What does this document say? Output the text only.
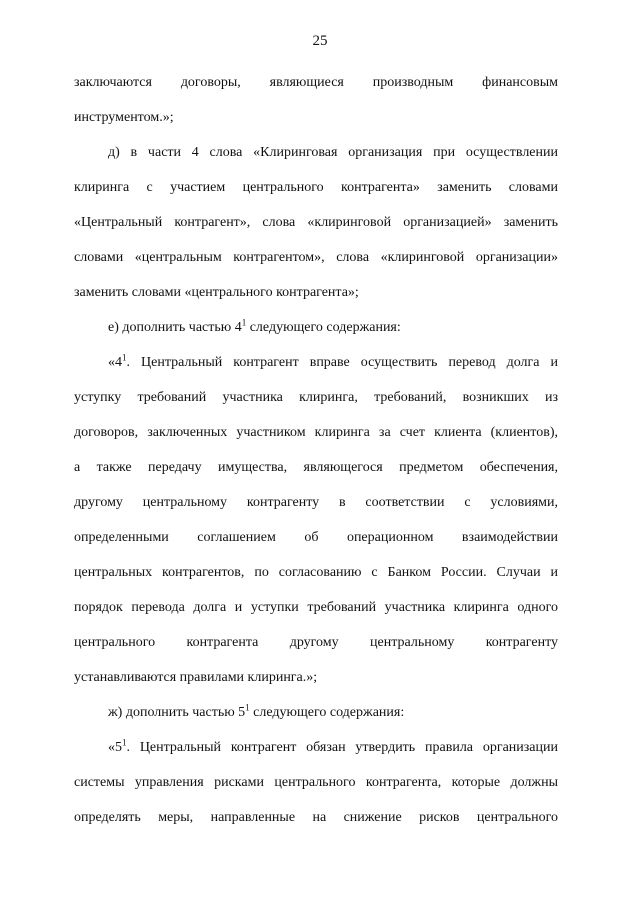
25

заключаются договоры, являющиеся производным финансовым

инструментом.»;

д) в части 4 слова «Клиринговая организация при осуществлении

клиринга с участием центрального контрагента» заменить словами

«Центральный контрагент», слова «клиринговой организацией» заменить

словами «центральным контрагентом», слова «клиринговой организации»

заменить словами «центрального контрагента»;

е) дополнить частью $4^1$ следующего содержания:

«$4^1$. Центральный контрагент вправе осуществить перевод долга и

уступку требований участника клиринга, требований, возникших из

договоров, заключенных участником клиринга за счет клиента (клиентов),

а также передачу имущества, являющегося предметом обеспечения,

другому центральному контрагенту в соответствии с условиями,

определенными соглашением об операционном взаимодействии

центральных контрагентов, по согласованию с Банком России. Случаи и

порядок перевода долга и уступки требований участника клиринга одного

центрального контрагента другому центральному контрагенту

устанавливаются правилами клиринга.»;

ж) дополнить частью $5^1$ следующего содержания:

«$5^1$. Центральный контрагент обязан утвердить правила организации

системы управления рисками центрального контрагента, которые должны

определять меры, направленные на снижение рисков центрального
